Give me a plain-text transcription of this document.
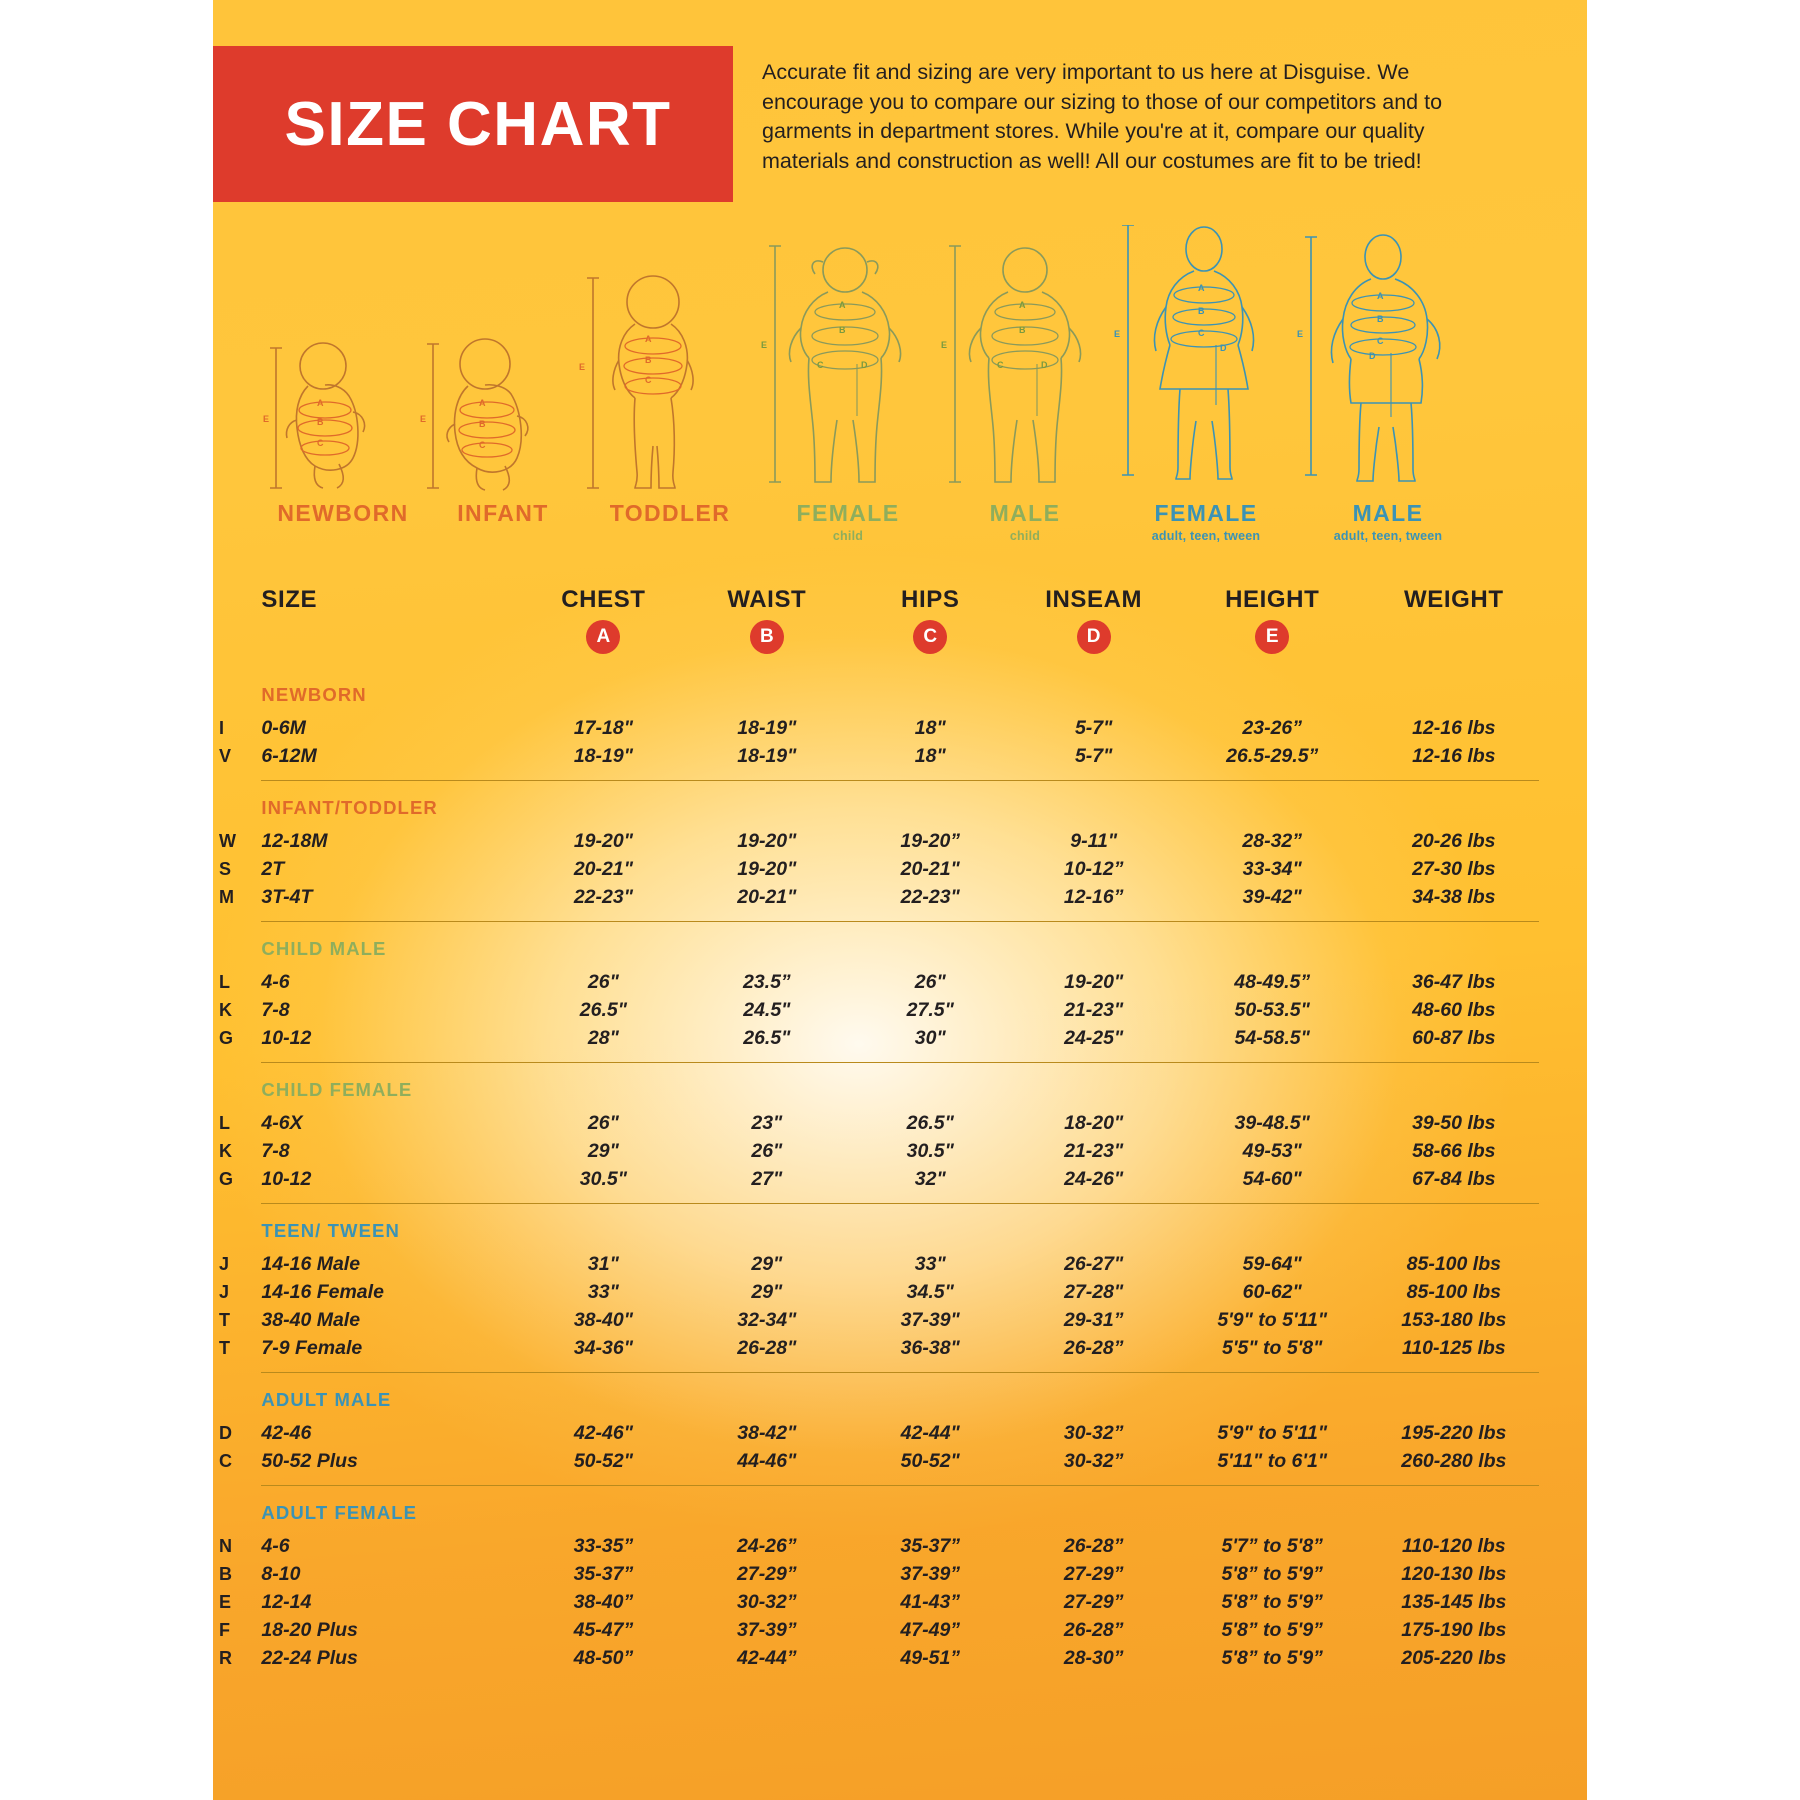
SIZE CHART
Accurate fit and sizing are very important to us here at Disguise. We encourage you to compare our sizing to those of our competitors and to garments in department stores. While you're at it, compare our quality materials and construction as well! All our costumes are fit to be tried!
A
B
C
E
A
B
C
E
A
B
C
E
A
B
C	D
E
A
B
C	D
E
A
B
C
D
E
A
B
C
D
E
NEWBORN	INFANT	TODDLER	FEMALE
child
MALE
child
FEMALE
adult, teen, tween
MALE
adult, teen, tween
	SIZE	CHEST	WAIST	HIPS	INSEAM	HEIGHT	WEIGHT	
		A	B	C	D	E		
	NEWBORN							
I	0-6M	17-18"	18-19"	18"	5-7"	23-26”	12-16 lbs	
V	6-12M	18-19"	18-19"	18"	5-7"	26.5-29.5”	12-16 lbs	

	INFANT/TODDLER							
W	12-18M	19-20"	19-20"	19-20”	9-11"	28-32”	20-26 lbs	
S	2T	20-21"	19-20"	20-21"	10-12”	33-34"	27-30 lbs	
M	3T-4T	22-23"	20-21"	22-23"	12-16”	39-42"	34-38 lbs	

	CHILD MALE							
L	4-6	26"	23.5”	26"	19-20"	48-49.5”	36-47 lbs	
K	7-8	26.5"	24.5"	27.5"	21-23"	50-53.5"	48-60 lbs	
G	10-12	28"	26.5"	30"	24-25"	54-58.5"	60-87 lbs	

	CHILD FEMALE							
L	4-6X	26"	23"	26.5"	18-20"	39-48.5"	39-50 lbs	
K	7-8	29"	26"	30.5"	21-23"	49-53"	58-66 lbs	
G	10-12	30.5"	27"	32"	24-26"	54-60"	67-84 lbs	

	TEEN/ TWEEN							
J	14-16 Male	31"	29"	33"	26-27"	59-64"	85-100 lbs	
J	14-16 Female	33"	29"	34.5"	27-28"	60-62"	85-100 lbs	
T	38-40 Male	38-40"	32-34"	37-39"	29-31”	5'9" to 5'11"	153-180 lbs	
T	7-9 Female	34-36"	26-28"	36-38"	26-28”	5'5" to 5'8"	110-125 lbs	

	ADULT MALE							
D	42-46	42-46"	38-42"	42-44"	30-32”	5'9" to 5'11"	195-220 lbs	
C	50-52 Plus	50-52"	44-46"	50-52"	30-32”	5'11" to 6'1"	260-280 lbs	

	ADULT FEMALE							
N	4-6	33-35”	24-26”	35-37”	26-28”	5'7” to 5'8”	110-120 lbs	
B	8-10	35-37”	27-29”	37-39”	27-29”	5'8” to 5'9”	120-130 lbs	
E	12-14	38-40”	30-32”	41-43”	27-29”	5'8” to 5'9”	135-145 lbs	
F	18-20 Plus	45-47”	37-39”	47-49”	26-28”	5'8” to 5'9”	175-190 lbs	
R	22-24 Plus	48-50”	42-44”	49-51”	28-30”	5'8” to 5'9”	205-220 lbs	
